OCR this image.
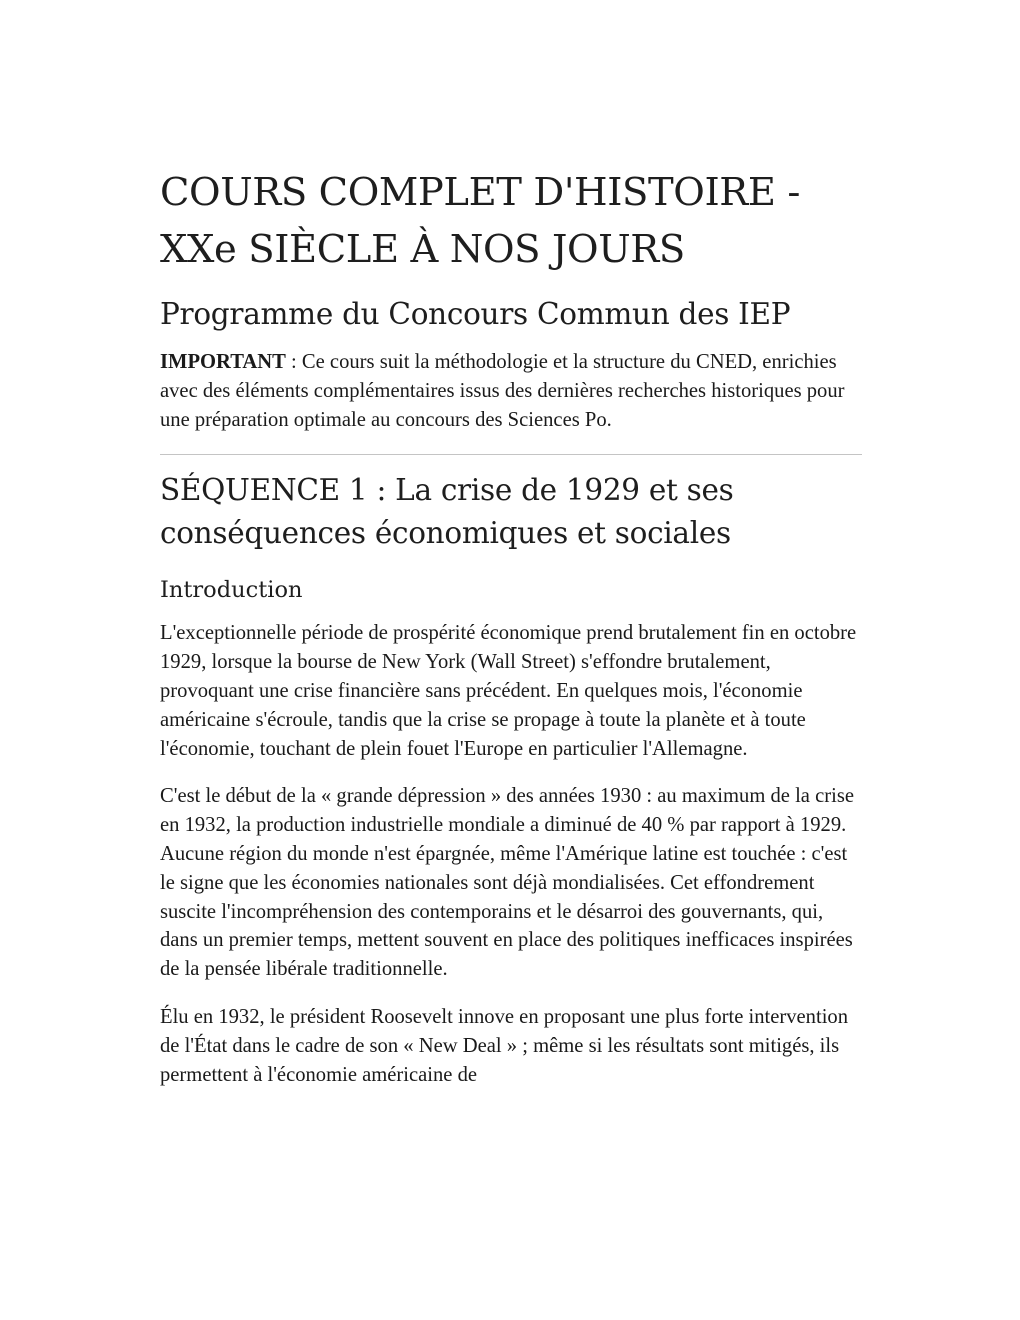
COURS COMPLET D'HISTOIRE - XXe SIÈCLE À NOS JOURS
Programme du Concours Commun des IEP

IMPORTANT : Ce cours suit la méthodologie et la structure du CNED, enrichies avec des éléments complémentaires issus des dernières recherches historiques pour une préparation optimale au concours des Sciences Po.

SÉQUENCE 1 : La crise de 1929 et ses conséquences économiques et sociales
Introduction

L'exceptionnelle période de prospérité économique prend brutalement fin en octobre 1929, lorsque la bourse de New York (Wall Street) s'effondre brutalement, provoquant une crise financière sans précédent. En quelques mois, l'économie américaine s'écroule, tandis que la crise se propage à toute la planète et à toute l'économie, touchant de plein fouet l'Europe en particulier l'Allemagne.

C'est le début de la « grande dépression » des années 1930 : au maximum de la crise en 1932, la production industrielle mondiale a diminué de 40 % par rapport à 1929. Aucune région du monde n'est épargnée, même l'Amérique latine est touchée : c'est le signe que les économies nationales sont déjà mondialisées. Cet effondrement suscite l'incompréhension des contemporains et le désarroi des gouvernants, qui, dans un premier temps, mettent souvent en place des politiques inefficaces inspirées de la pensée libérale traditionnelle.

Élu en 1932, le président Roosevelt innove en proposant une plus forte intervention de l'État dans le cadre de son « New Deal » ; même si les résultats sont mitigés, ils permettent à l'économie américaine de
